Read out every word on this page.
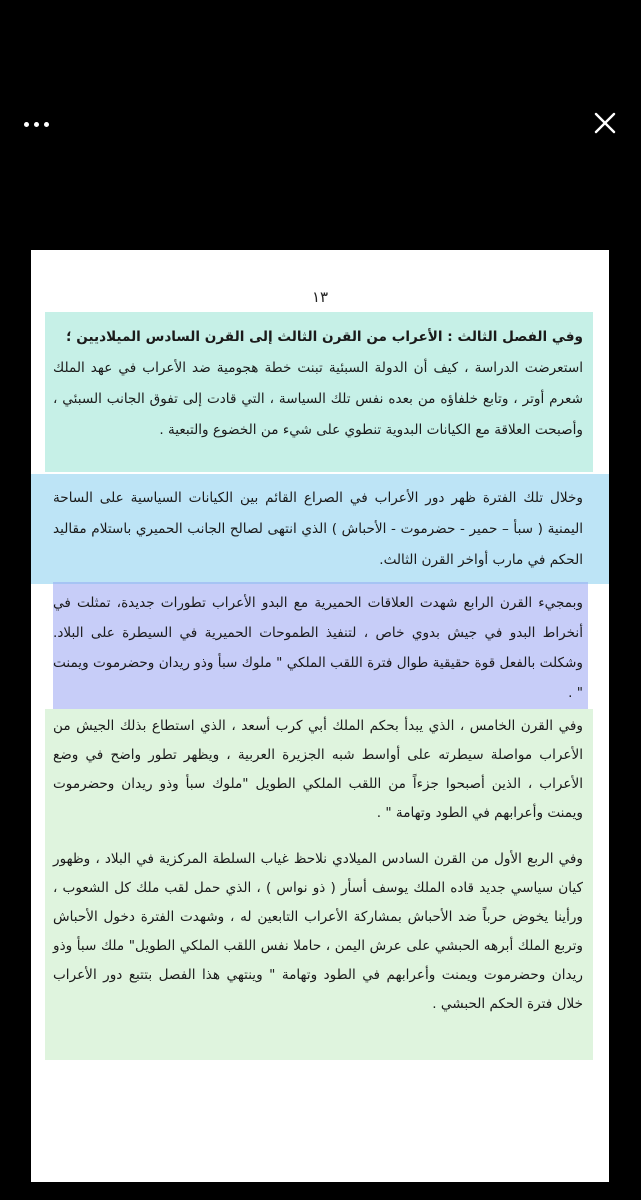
١٣

وفي الفصل الثالث : الأعراب من القرن الثالث إلى القرن السادس الميلاديين ؛
استعرضت الدراسة ، كيف أن الدولة السبئية تبنت خطة هجومية ضد الأعراب في عهد الملك شعرم أوتر ، وتابع خلفاؤه من بعده نفس تلك السياسة ، التي قادت إلى تفوق الجانب السبئي ، وأصبحت العلاقة مع الكيانات البدوية تنطوي على شيء من الخضوع والتبعية .

وخلال تلك الفترة ظهر دور الأعراب في الصراع القائم بين الكيانات السياسية على الساحة اليمنية ( سبأ – حمير - حضرموت - الأحباش ) الذي انتهى لصالح الجانب الحميري باستلام مقاليد الحكم في مارب أواخر القرن الثالث.

وبمجيء القرن الرابع شهدت العلاقات الحميرية مع البدو الأعراب تطورات جديدة، تمثلت في أنخراط البدو في جيش بدوي خاص ، لتنفيذ الطموحات الحميرية في السيطرة على البلاد. وشكلت بالفعل قوة حقيقية طوال فترة اللقب الملكي " ملوك سبأ وذو ريدان وحضرموت ويمنت " .

وفي القرن الخامس ، الذي يبدأ بحكم الملك أبي كرب أسعد ، الذي استطاع بذلك الجيش من الأعراب مواصلة سيطرته على أواسط شبه الجزيرة العربية ، ويظهر تطور واضح في وضع الأعراب ، الذين أصبحوا جزءاً من اللقب الملكي الطويل "ملوك سبأ وذو ريدان وحضرموت ويمنت وأعرابهم في الطود وتهامة " .

وفي الربع الأول من القرن السادس الميلادي نلاحظ غياب السلطة المركزية في البلاد ، وظهور كيان سياسي جديد قاده الملك يوسف أسأر ( ذو نواس ) ، الذي حمل لقب ملك كل الشعوب ، ورأينا يخوض حرباً ضد الأحباش بمشاركة الأعراب التابعين له ، وشهدت الفترة دخول الأحباش وتربع الملك أبرهه الحبشي على عرش اليمن ، حاملا نفس اللقب الملكي الطويل" ملك سبأ وذو ريدان وحضرموت ويمنت وأعرابهم في الطود وتهامة " وينتهي هذا الفصل بتتبع دور الأعراب خلال فترة الحكم الحبشي .
